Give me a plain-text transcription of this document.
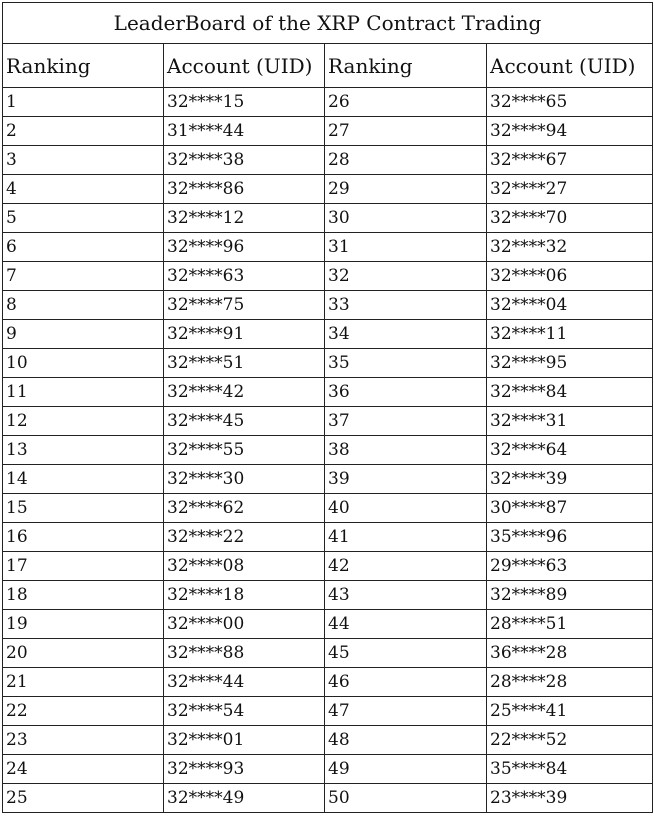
LeaderBoard of the XRP Contract Trading			
Ranking	Account (UID)	Ranking	Account (UID)
1	32****15	26	32****65
2	31****44	27	32****94
3	32****38	28	32****67
4	32****86	29	32****27
5	32****12	30	32****70
6	32****96	31	32****32
7	32****63	32	32****06
8	32****75	33	32****04
9	32****91	34	32****11
10	32****51	35	32****95
11	32****42	36	32****84
12	32****45	37	32****31
13	32****55	38	32****64
14	32****30	39	32****39
15	32****62	40	30****87
16	32****22	41	35****96
17	32****08	42	29****63
18	32****18	43	32****89
19	32****00	44	28****51
20	32****88	45	36****28
21	32****44	46	28****28
22	32****54	47	25****41
23	32****01	48	22****52
24	32****93	49	35****84
25	32****49	50	23****39
